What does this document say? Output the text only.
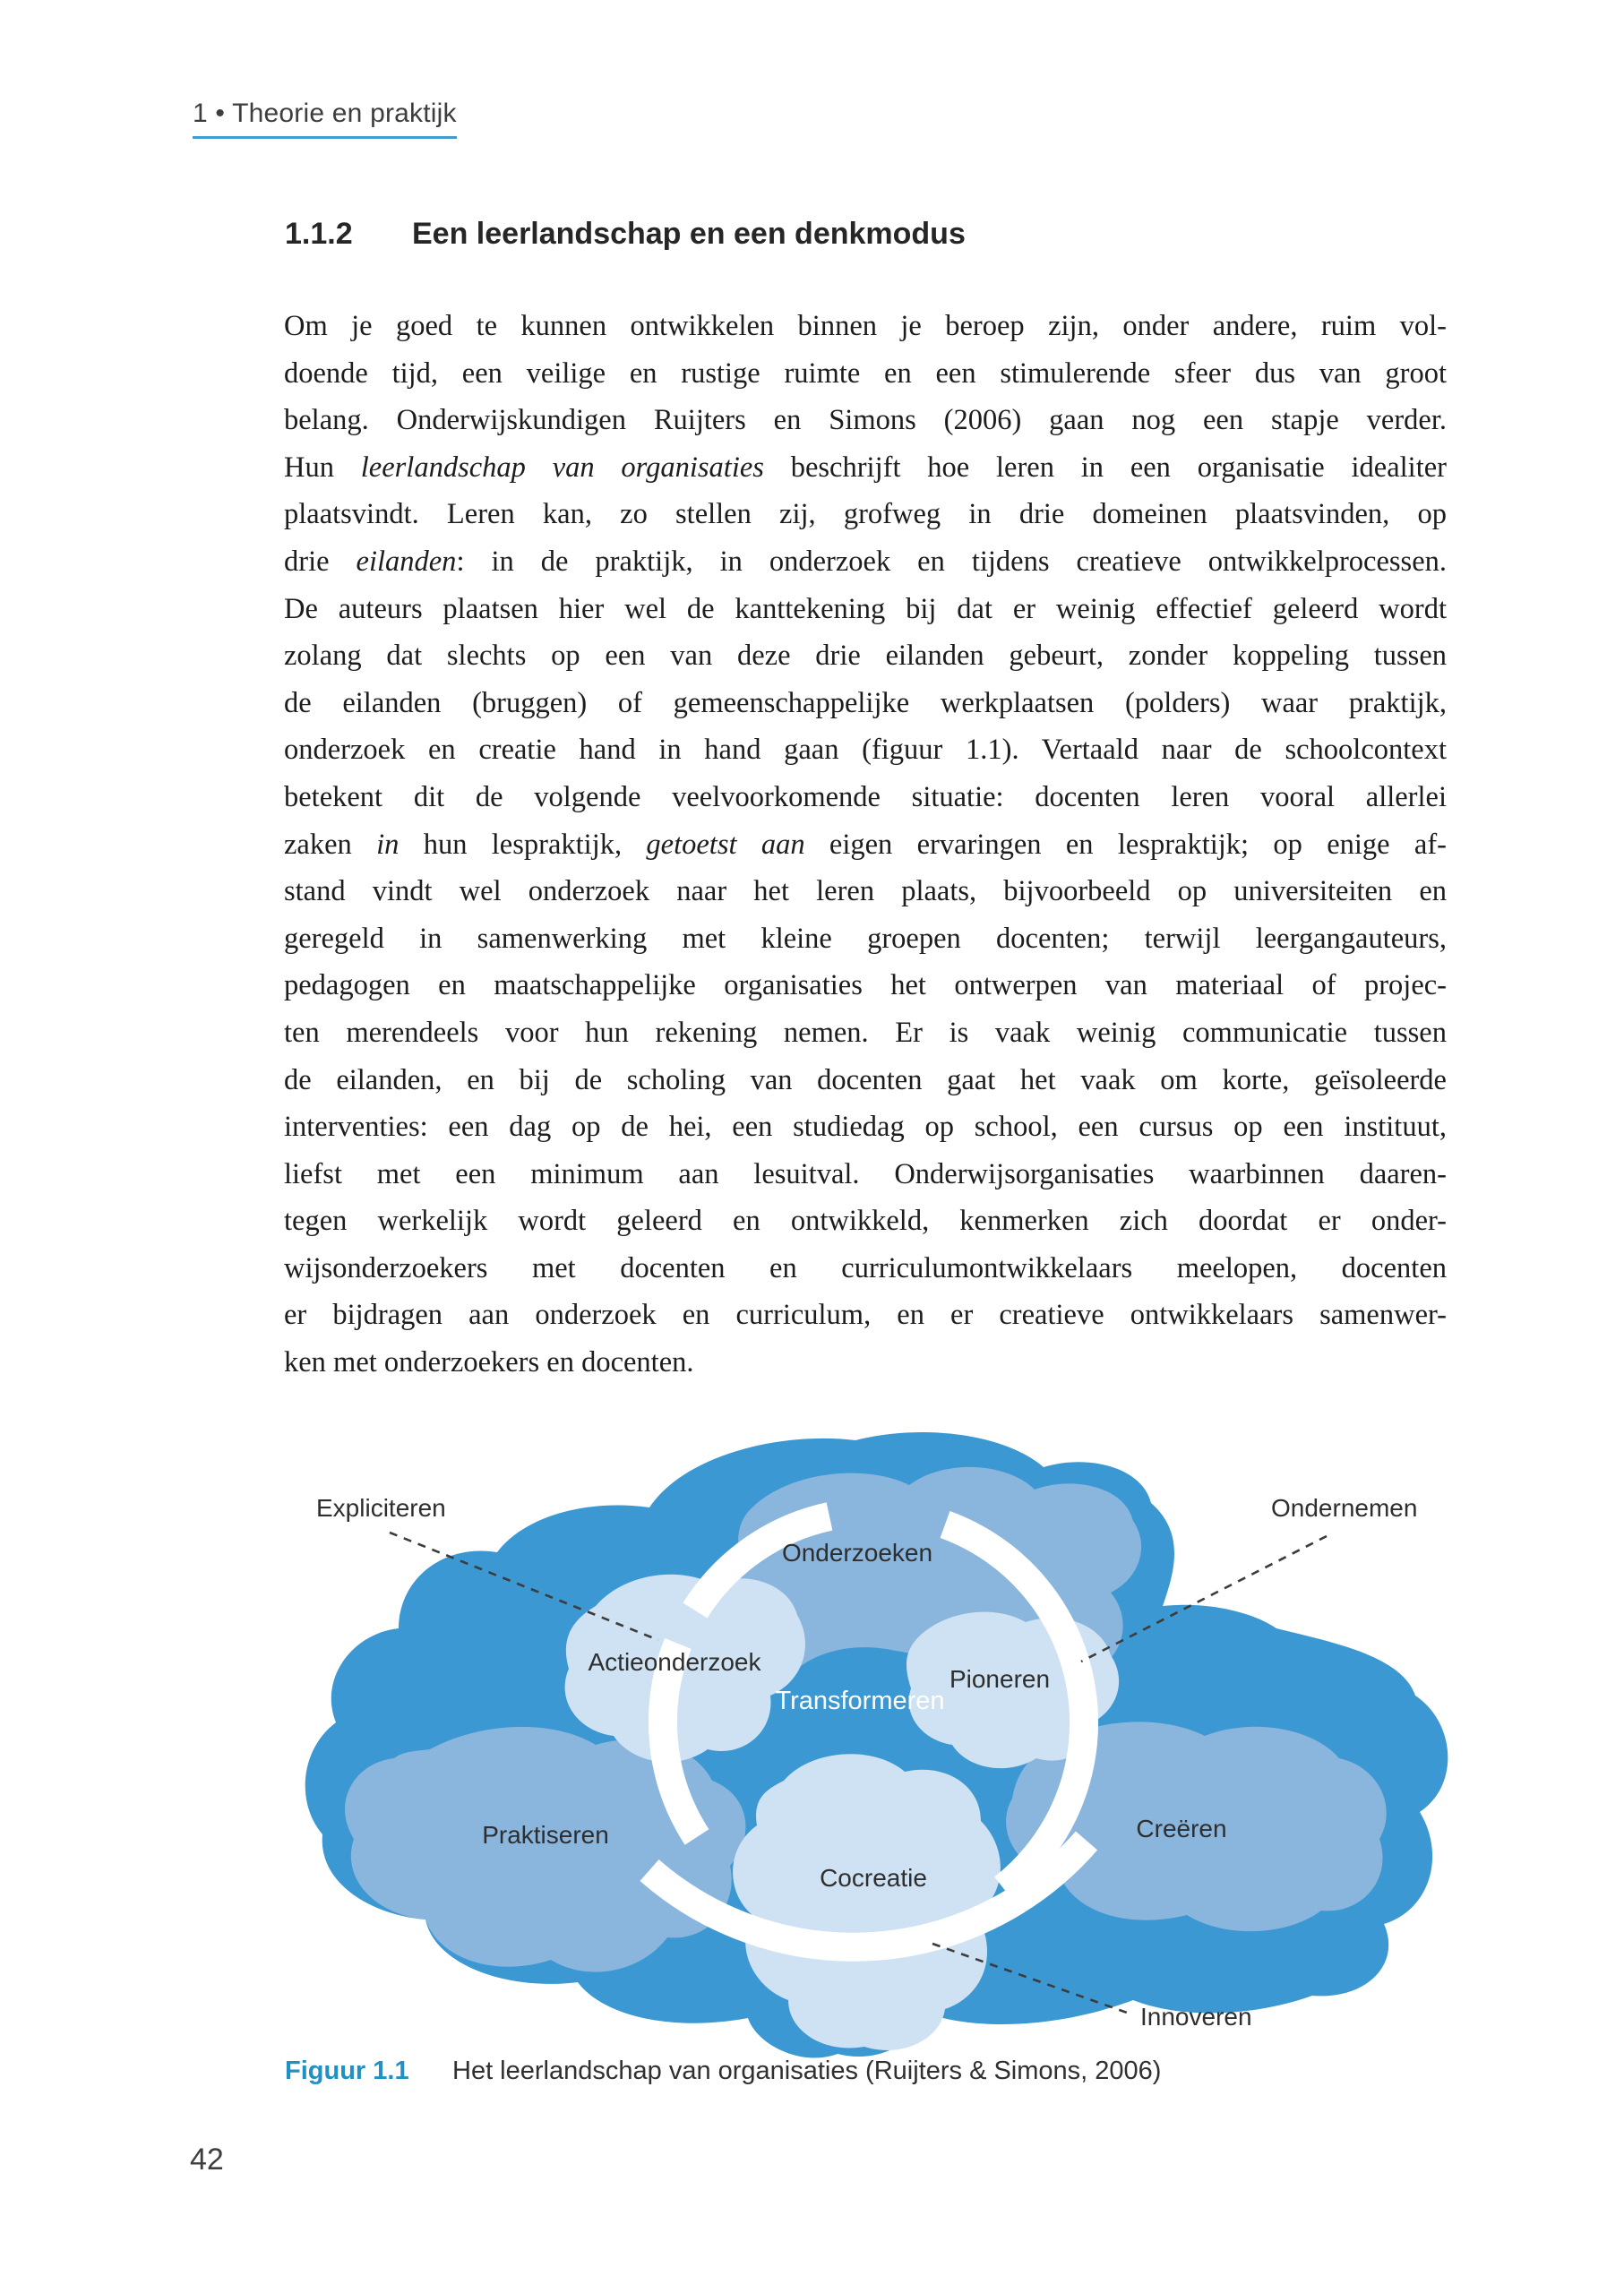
1 • Theorie en praktijk
1.1.2 Een leerlandschap en een denkmodus
Om je goed te kunnen ontwikkelen binnen je beroep zijn, onder andere, ruim vol-
doende tijd, een veilige en rustige ruimte en een stimulerende sfeer dus van groot
belang. Onderwijskundigen Ruijters en Simons (2006) gaan nog een stapje verder.
Hun leerlandschap van organisaties beschrijft hoe leren in een organisatie idealiter
plaatsvindt. Leren kan, zo stellen zij, grofweg in drie domeinen plaatsvinden, op
drie eilanden: in de praktijk, in onderzoek en tijdens creatieve ontwikkelprocessen.
De auteurs plaatsen hier wel de kanttekening bij dat er weinig effectief geleerd wordt
zolang dat slechts op een van deze drie eilanden gebeurt, zonder koppeling tussen
de eilanden (bruggen) of gemeenschappelijke werkplaatsen (polders) waar praktijk,
onderzoek en creatie hand in hand gaan (figuur 1.1). Vertaald naar de schoolcontext
betekent dit de volgende veelvoorkomende situatie: docenten leren vooral allerlei
zaken in hun lespraktijk, getoetst aan eigen ervaringen en lespraktijk; op enige af-
stand vindt wel onderzoek naar het leren plaats, bijvoorbeeld op universiteiten en
geregeld in samenwerking met kleine groepen docenten; terwijl leergangauteurs,
pedagogen en maatschappelijke organisaties het ontwerpen van materiaal of projec-
ten merendeels voor hun rekening nemen. Er is vaak weinig communicatie tussen
de eilanden, en bij de scholing van docenten gaat het vaak om korte, geïsoleerde
interventies: een dag op de hei, een studiedag op school, een cursus op een instituut,
liefst met een minimum aan lesuitval. Onderwijsorganisaties waarbinnen daaren-
tegen werkelijk wordt geleerd en ontwikkeld, kenmerken zich doordat er onder-
wijsonderzoekers met docenten en curriculumontwikkelaars meelopen, docenten
er bijdragen aan onderzoek en curriculum, en er creatieve ontwikkelaars samenwer-
ken met onderzoekers en docenten.
Onderzoeken
Actieonderzoek
Pioneren
Transformeren
Praktiseren	Creëren
Cocreatie
Expliciteren	Ondernemen
Innoveren
Figuur 1.1 Het leerlandschap van organisaties (Ruijters & Simons, 2006)
42
